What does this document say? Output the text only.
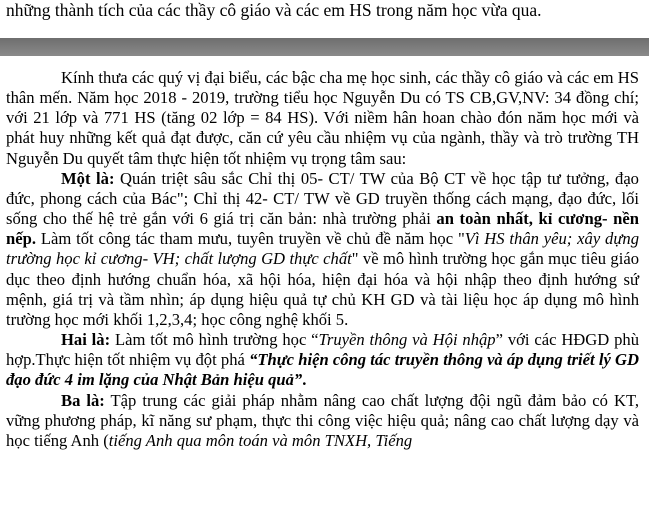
những thành tích của các thầy cô giáo và các em HS trong năm học vừa qua.

Kính thưa các quý vị đại biểu, các bậc cha mẹ học sinh, các thầy cô giáo và các em HS thân mến. Năm học 2018 - 2019, trường tiểu học Nguyễn Du có TS CB,GV,NV: 34 đồng chí; với 21 lớp và 771 HS (tăng 02 lớp = 84 HS). Với niềm hân hoan chào đón năm học mới và phát huy những kết quả đạt được, căn cứ yêu cầu nhiệm vụ của ngành, thầy và trò trường TH Nguyễn Du quyết tâm thực hiện tốt nhiệm vụ trọng tâm sau:

Một là: Quán triệt sâu sắc Chỉ thị 05- CT/ TW của Bộ CT về học tập tư tưởng, đạo đức, phong cách của Bác"; Chỉ thị 42- CT/ TW về GD truyền thống cách mạng, đạo đức, lối sống cho thế hệ trẻ gắn với 6 giá trị căn bản: nhà trường phải an toàn nhất, kỉ cương- nền nếp. Làm tốt công tác tham mưu, tuyên truyền về chủ đề năm học "Vì HS thân yêu; xây dựng trường học kỉ cương- VH; chất lượng GD thực chất" về mô hình trường học gắn mục tiêu giáo dục theo định hướng chuẩn hóa, xã hội hóa, hiện đại hóa và hội nhập theo định hướng sứ mệnh, giá trị và tầm nhìn; áp dụng hiệu quả tự chủ KH GD và tài liệu học áp dụng mô hình trường học mới khối 1,2,3,4; học công nghệ khối 5.

Hai là: Làm tốt mô hình trường học “Truyền thông và Hội nhập” với các HĐGD phù hợp.Thực hiện tốt nhiệm vụ đột phá “Thực hiện công tác truyền thông và áp dụng triết lý GD đạo đức 4 im lặng của Nhật Bản hiệu quả”.

Ba là: Tập trung các giải pháp nhằm nâng cao chất lượng đội ngũ đảm bảo có KT, vững phương pháp, kĩ năng sư phạm, thực thi công việc hiệu quả; nâng cao chất lượng dạy và học tiếng Anh (tiếng Anh qua môn toán và môn TNXH, Tiếng
